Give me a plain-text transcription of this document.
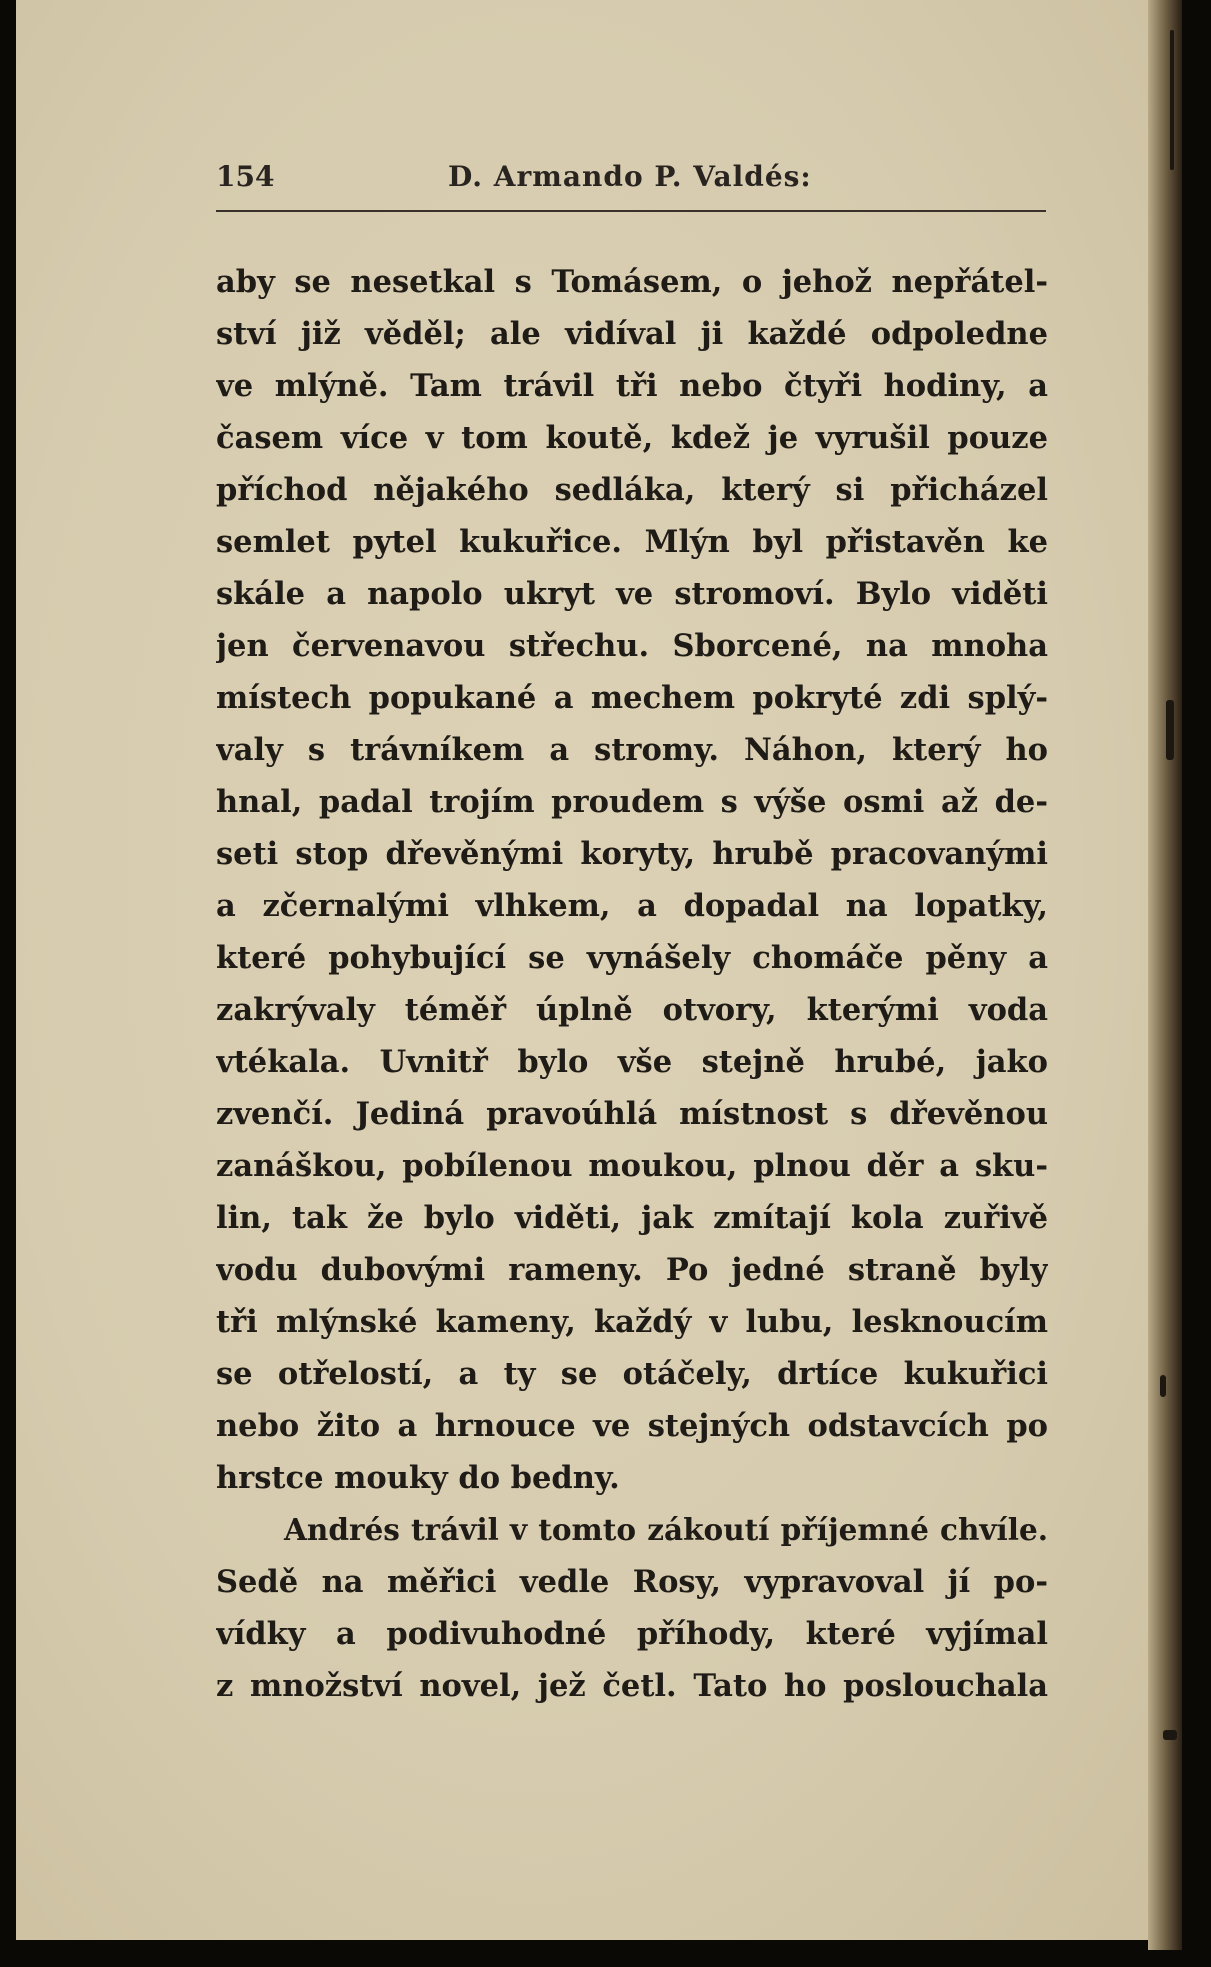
154	D. Armando P. Valdés:
aby se nesetkal s Tomásem, o jehož nepřátel-
ství již věděl; ale vidíval ji každé odpoledne
ve mlýně. Tam trávil tři nebo čtyři hodiny, a
časem více v tom koutě, kdež je vyrušil pouze
příchod nějakého sedláka, který si přicházel
semlet pytel kukuřice. Mlýn byl přistavěn ke
skále a napolo ukryt ve stromoví. Bylo viděti
jen červenavou střechu. Sborcené, na mnoha
místech popukané a mechem pokryté zdi splý-
valy s trávníkem a stromy. Náhon, který ho
hnal, padal trojím proudem s výše osmi až de-
seti stop dřevěnými koryty, hrubě pracovanými
a zčernalými vlhkem, a dopadal na lopatky,
které pohybující se vynášely chomáče pěny a
zakrývaly téměř úplně otvory, kterými voda
vtékala. Uvnitř bylo vše stejně hrubé, jako
zvenčí. Jediná pravoúhlá místnost s dřevěnou
zanáškou, pobílenou moukou, plnou děr a sku-
lin, tak že bylo viděti, jak zmítají kola zuřivě
vodu dubovými rameny. Po jedné straně byly
tři mlýnské kameny, každý v lubu, lesknoucím
se otřelostí, a ty se otáčely, drtíce kukuřici
nebo žito a hrnouce ve stejných odstavcích po
hrstce mouky do bedny.
Andrés trávil v tomto zákoutí příjemné chvíle.
Sedě na měřici vedle Rosy, vypravoval jí po-
vídky a podivuhodné příhody, které vyjímal
z množství novel, jež četl. Tato ho poslouchala
